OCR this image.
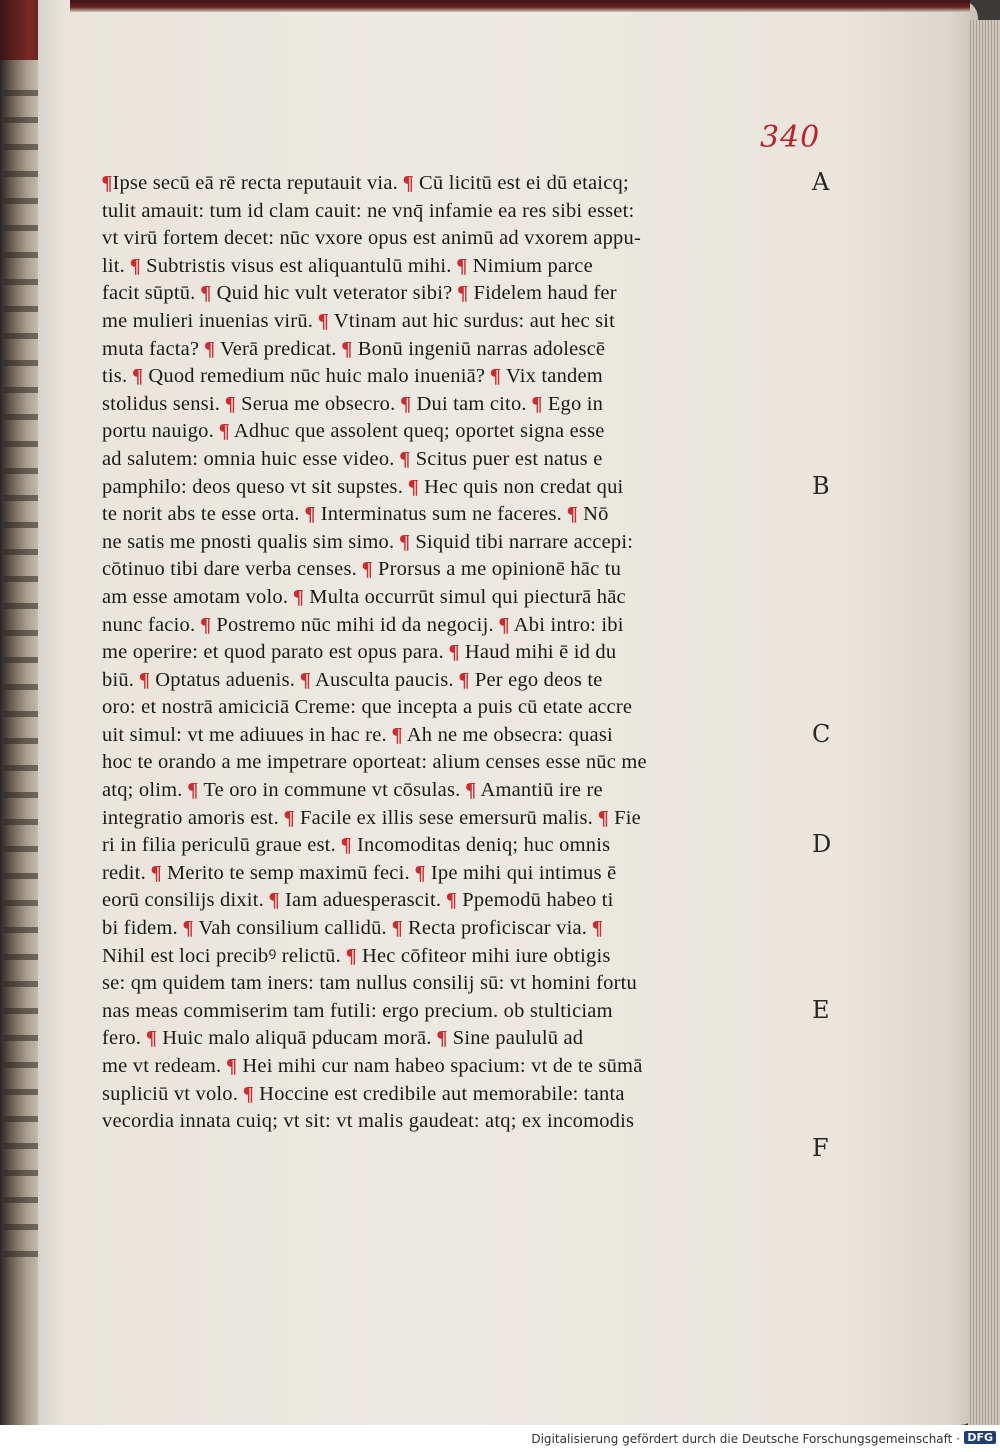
340
¶Ipse secū eā rē recta reputauit via. ¶ Cū licitū est ei dū etaicq;
tulit amauit: tum id clam cauit: ne vnq̄ infamie ea res sibi esset:
vt virū fortem decet: nūc vxore opus est animū ad vxorem appu-
lit. ¶ Subtristis visus est aliquantulū mihi. ¶ Nimium parce
facit sūptū. ¶ Quid hic vult veterator sibi? ¶ Fidelem haud fer
me mulieri inuenias virū. ¶ Vtinam aut hic surdus: aut hec sit
muta facta? ¶ Verā predicat. ¶ Bonū ingeniū narras adolescē
tis. ¶ Quod remedium nūc huic malo inueniā? ¶ Vix tandem
stolidus sensi. ¶ Serua me obsecro. ¶ Dui tam cito. ¶ Ego in
portu nauigo. ¶ Adhuc que assolent queq; oportet signa esse
ad salutem: omnia huic esse video. ¶ Scitus puer est natus e
pamphilo: deos queso vt sit supstes. ¶ Hec quis non credat qui
te norit abs te esse orta. ¶ Interminatus sum ne faceres. ¶ Nō
ne satis me pnosti qualis sim simo. ¶ Siquid tibi narrare accepi:
cōtinuo tibi dare verba censes. ¶ Prorsus a me opinionē hāc tu
am esse amotam volo. ¶ Multa occurrūt simul qui piecturā hāc
nunc facio. ¶ Postremo nūc mihi id da negocij. ¶ Abi intro: ibi
me operire: et quod parato est opus para. ¶ Haud mihi ē id du
biū. ¶ Optatus aduenis. ¶ Ausculta paucis. ¶ Per ego deos te
oro: et nostrā amiciciā Creme: que incepta a puis cū etate accre
uit simul: vt me adiuues in hac re. ¶ Ah ne me obsecra: quasi
hoc te orando a me impetrare oporteat: alium censes esse nūc me
atq; olim. ¶ Te oro in commune vt cōsulas. ¶ Amantiū ire re
integratio amoris est. ¶ Facile ex illis sese emersurū malis. ¶ Fie
ri in filia periculū graue est. ¶ Incomoditas deniq; huc omnis
redit. ¶ Merito te semp maximū feci. ¶ Ipe mihi qui intimus ē
eorū consilijs dixit. ¶ Iam aduesperascit. ¶ Ppemodū habeo ti
bi fidem. ¶ Vah consilium callidū. ¶ Recta proficiscar via. ¶
Nihil est loci precibꝰ relictū. ¶ Hec cōfiteor mihi iure obtigis
se: qm quidem tam iners: tam nullus consilij sū: vt homini fortu
nas meas commiserim tam futili: ergo precium. ob stulticiam
fero. ¶ Huic malo aliquā pducam morā. ¶ Sine paululū ad
me vt redeam. ¶ Hei mihi cur nam habeo spacium: vt de te sūmā
supliciū vt volo. ¶ Hoccine est credibile aut memorabile: tanta
vecordia innata cuiq; vt sit: vt malis gaudeat: atq; ex incomodis
A
B
C
D
E
F
Digitalisierung gefördert durch die Deutsche Forschungsgemeinschaft · DFG
